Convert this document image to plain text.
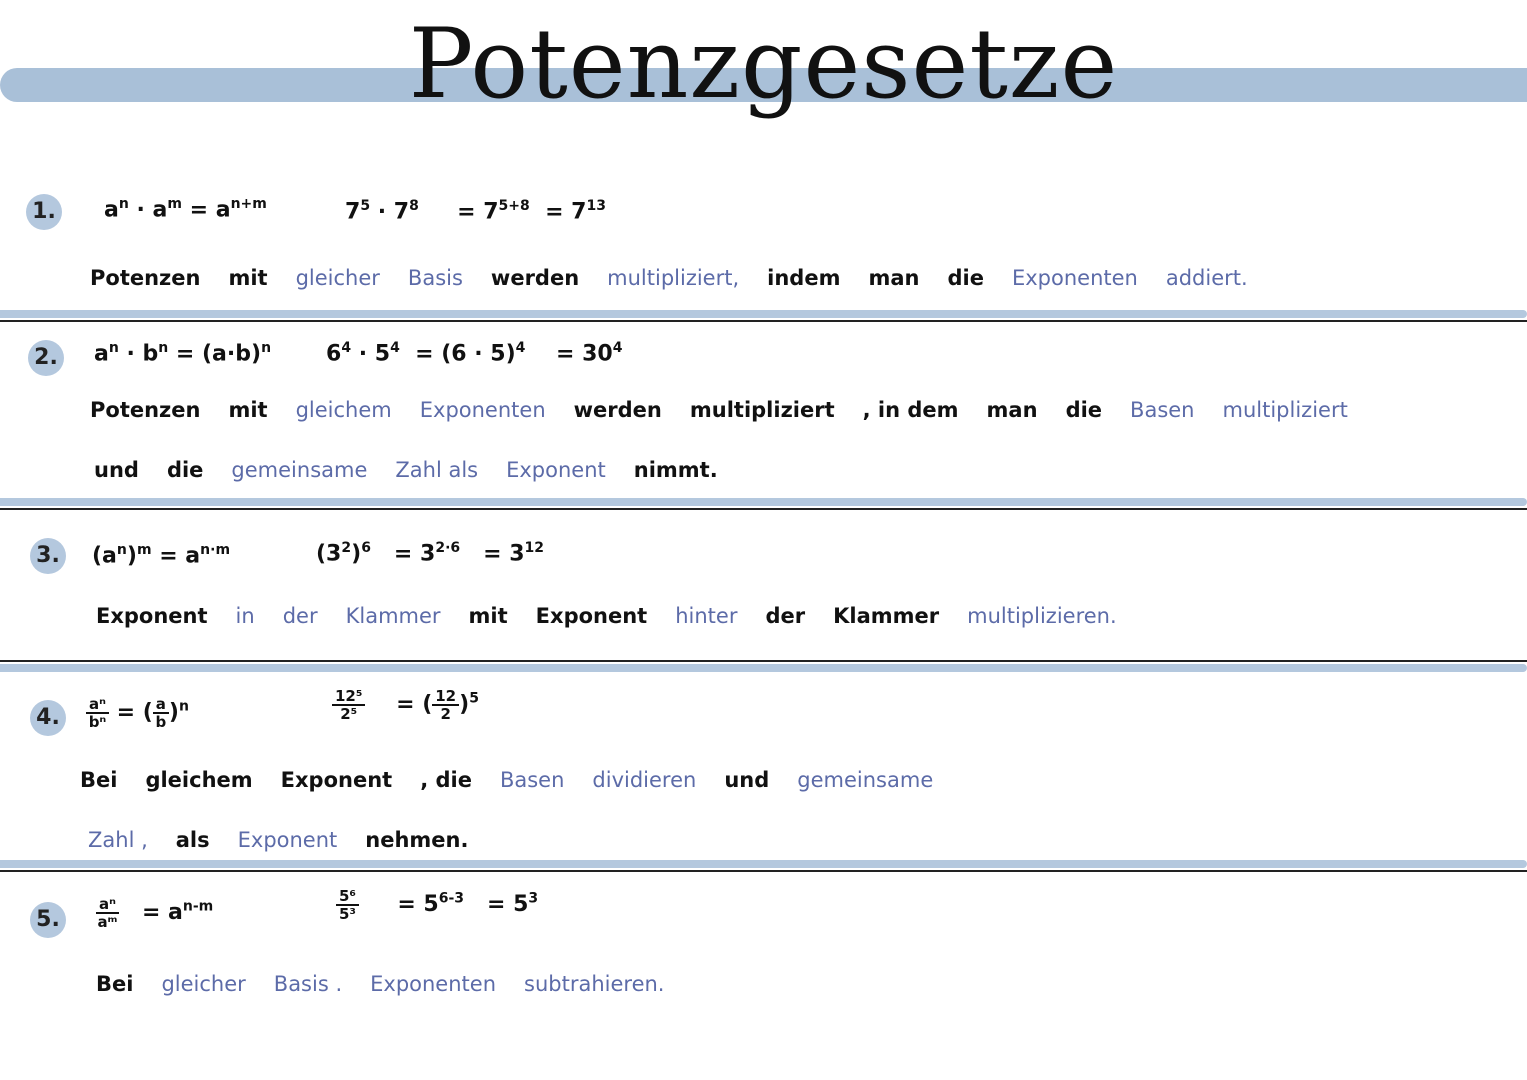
Potenzgesetze
1. $a^n \cdot a^m = a^{n+m}$	$7^5 \cdot 7^8 = 7^{5+8} = 7^{13}$
Potenzen mit gleicher Basis werden multipliziert, indem man die Exponenten addiert.
2. $a^n \cdot b^n = (a\cdot b)^n$ $6^4 \cdot 5^4 = (6 \cdot 5)^4 = 30^4$
Potenzen mit gleichem Exponenten werden multipliziert , in dem man die Basen multipliziert
und die gemeinsame Zahl als Exponent nimmt.
3. $(a^n)^m = a^{n\cdot m}$	$(3^2)^6 = 3^{2\cdot 6} = 3^{12}$
Exponent in der Klammer mit Exponent hinter der Klammer multiplizieren.
4.	$\frac{\text{aⁿ}}{\text{bⁿ}}$ = ( $\frac{a}{b} )^n$	$\frac{\text{12⁵}}{\text{2⁵}}$ = ( $\frac{12}{2} )^5$
Bei gleichem Exponent , die Basen dividieren und gemeinsame
Zahl , als Exponent nehmen.
5.	$\frac{\text{aⁿ}}{\text{aᵐ}} = a^{n-m}$	$\frac{\text{5⁶}}{\text{5³}} = 5^{6-3} = 5^3$
Bei gleicher Basis . Exponenten subtrahieren.
